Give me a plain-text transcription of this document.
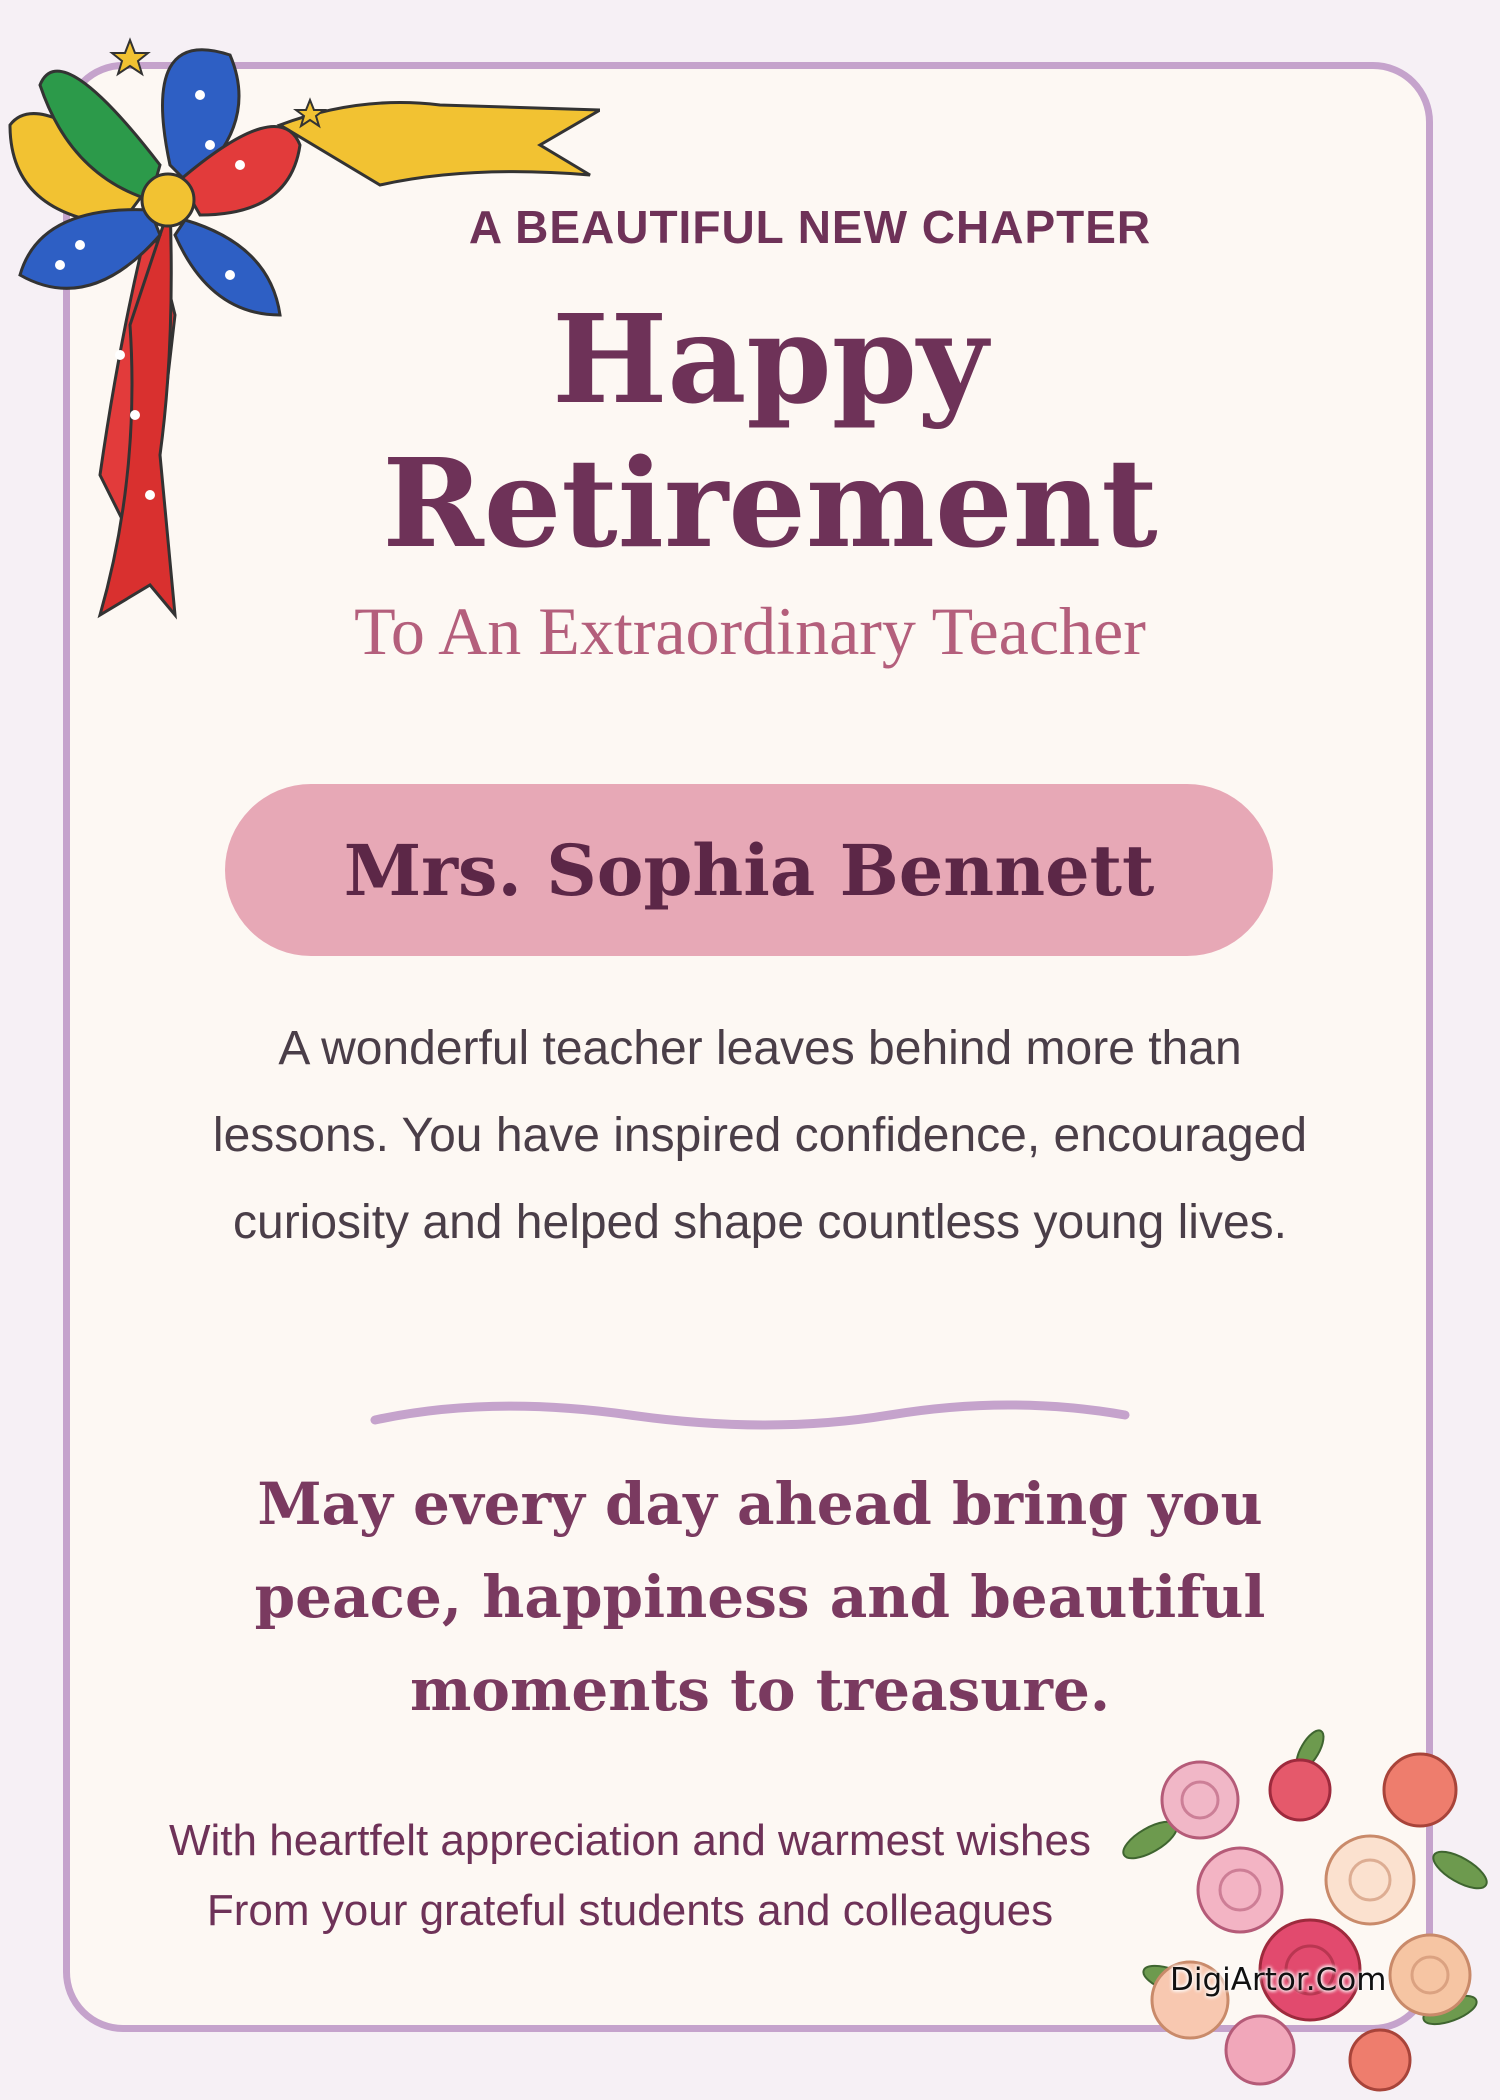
A BEAUTIFUL NEW CHAPTER

Happy

Retirement

To An Extraordinary Teacher

Mrs. Sophia Bennett

A wonderful teacher leaves behind more than lessons. You have inspired confidence, encouraged curiosity and helped shape countless young lives.

May every day ahead bring you peace, happiness and beautiful moments to treasure.

With heartfelt appreciation and warmest wishes

From your grateful students and colleagues

DigiArtor.Com
